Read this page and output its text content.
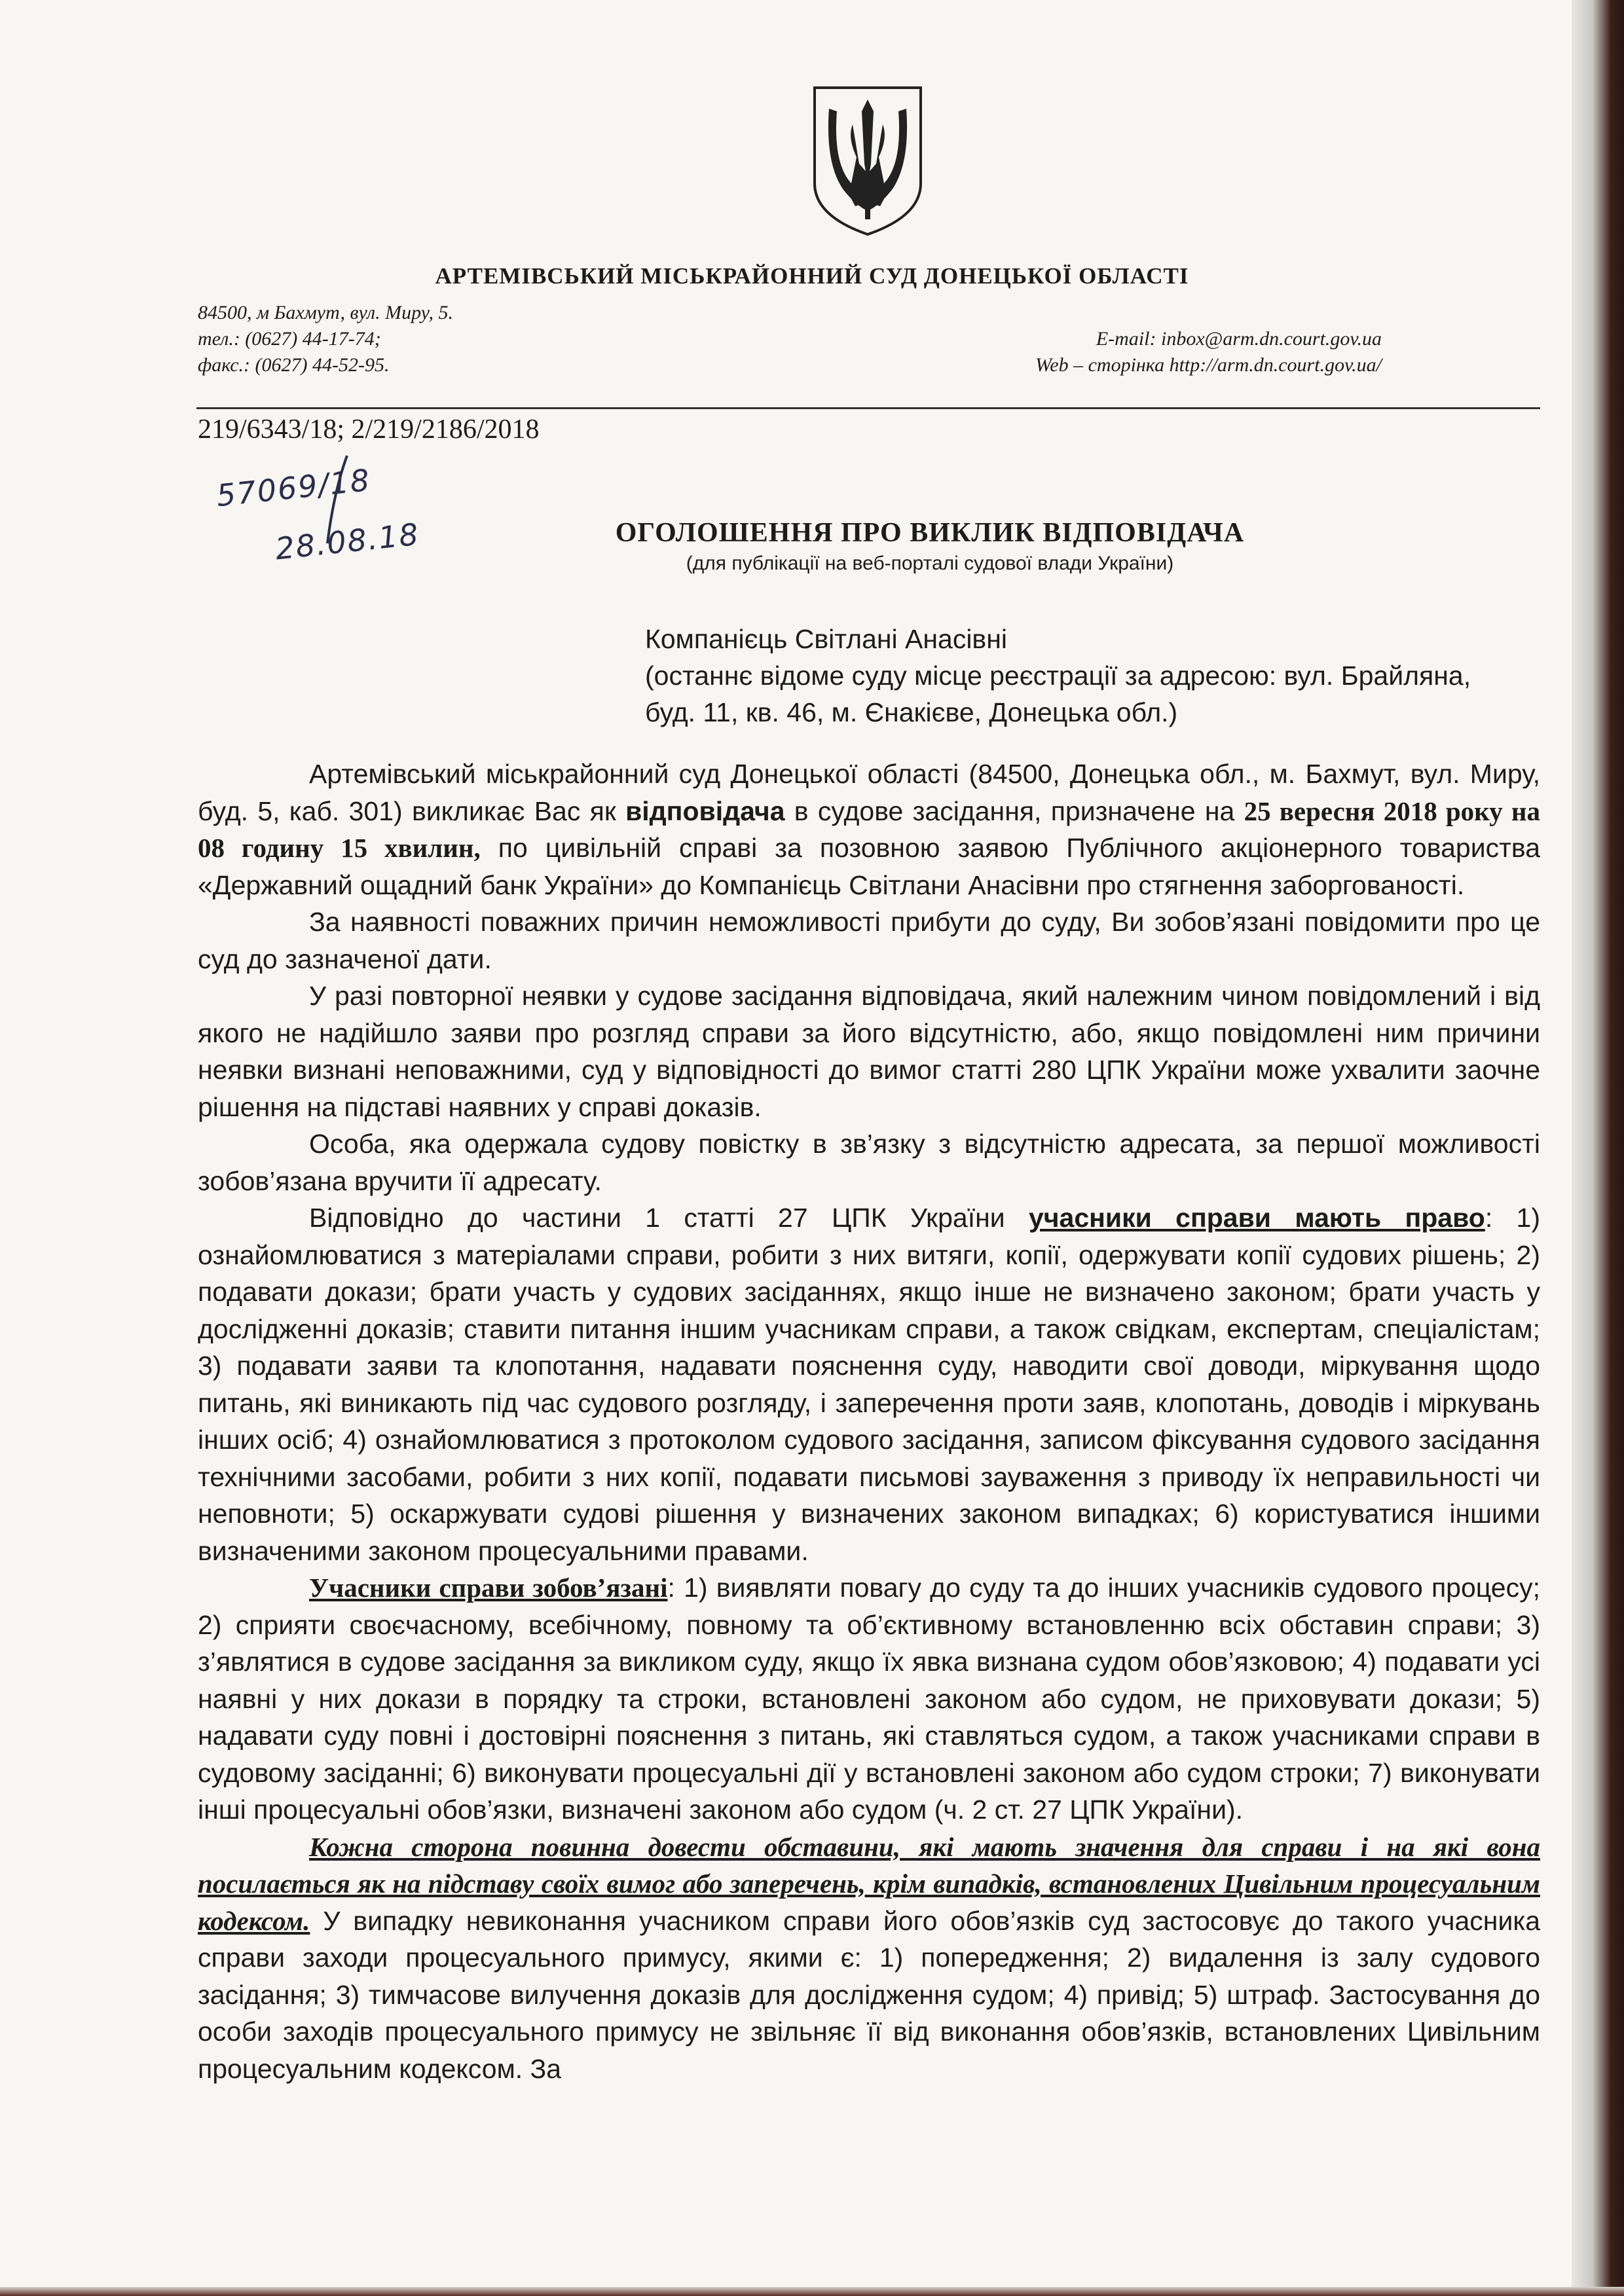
АРТЕМІВСЬКИЙ МІСЬКРАЙОННИЙ СУД ДОНЕЦЬКОЇ ОБЛАСТІ
84500, м Бахмут, вул. Миру, 5.
тел.: (0627) 44-17-74;
факс.: (0627) 44-52-95.
E-mail: inbox@arm.dn.court.gov.ua
Web – сторінка http://arm.dn.court.gov.ua/
219/6343/18; 2/219/2186/2018
57069/18
28.08.18	ОГОЛОШЕННЯ ПРО ВИКЛИК ВІДПОВІДАЧА
(для публікації на веб-порталі судової влади України)
Компанієць Світлані Анасівні
(останнє відоме суду місце реєстрації за адресою: вул. Брайляна,
буд. 11, кв. 46, м. Єнакієве, Донецька обл.)

Артемівський міськрайонний суд Донецької області (84500, Донецька обл., м. Бахмут, вул. Миру, буд. 5, каб. 301) викликає Вас як відповідача в судове засідання, призначене на 25 вересня 2018 року на 08 годину 15 хвилин, по цивільній справі за позовною заявою Публічного акціонерного товариства «Державний ощадний банк України» до Компанієць Світлани Анасівни про стягнення заборгованості.

За наявності поважних причин неможливості прибути до суду, Ви зобов’язані повідомити про це суд до зазначеної дати.

У разі повторної неявки у судове засідання відповідача, який належним чином повідомлений і від якого не надійшло заяви про розгляд справи за його відсутністю, або, якщо повідомлені ним причини неявки визнані неповажними, суд у відповідності до вимог статті 280 ЦПК України може ухвалити заочне рішення на підставі наявних у справі доказів.

Особа, яка одержала судову повістку в зв’язку з відсутністю адресата, за першої можливості зобов’язана вручити її адресату.

Відповідно до частини 1 статті 27 ЦПК України учасники справи мають право: 1) ознайомлюватися з матеріалами справи, робити з них витяги, копії, одержувати копії судових рішень; 2) подавати докази; брати участь у судових засіданнях, якщо інше не визначено законом; брати участь у дослідженні доказів; ставити питання іншим учасникам справи, а також свідкам, експертам, спеціалістам; 3) подавати заяви та клопотання, надавати пояснення суду, наводити свої доводи, міркування щодо питань, які виникають під час судового розгляду, і заперечення проти заяв, клопотань, доводів і міркувань інших осіб; 4) ознайомлюватися з протоколом судового засідання, записом фіксування судового засідання технічними засобами, робити з них копії, подавати письмові зауваження з приводу їх неправильності чи неповноти; 5) оскаржувати судові рішення у визначених законом випадках; 6) користуватися іншими визначеними законом процесуальними правами.

Учасники справи зобов’язані: 1) виявляти повагу до суду та до інших учасників судового процесу; 2) сприяти своєчасному, всебічному, повному та об’єктивному встановленню всіх обставин справи; 3) з’являтися в судове засідання за викликом суду, якщо їх явка визнана судом обов’язковою; 4) подавати усі наявні у них докази в порядку та строки, встановлені законом або судом, не приховувати докази; 5) надавати суду повні і достовірні пояснення з питань, які ставляться судом, а також учасниками справи в судовому засіданні; 6) виконувати процесуальні дії у встановлені законом або судом строки; 7) виконувати інші процесуальні обов’язки, визначені законом або судом (ч. 2 ст. 27 ЦПК України).

Кожна сторона повинна довести обставини, які мають значення для справи і на які вона посилається як на підставу своїх вимог або заперечень, крім випадків, встановлених Цивільним процесуальним кодексом. У випадку невиконання учасником справи його обов’язків суд застосовує до такого учасника справи заходи процесуального примусу, якими є: 1) попередження; 2) видалення із залу судового засідання; 3) тимчасове вилучення доказів для дослідження судом; 4) привід; 5) штраф. Застосування до особи заходів процесуального примусу не звільняє її від виконання обов’язків, встановлених Цивільним процесуальним кодексом. За
